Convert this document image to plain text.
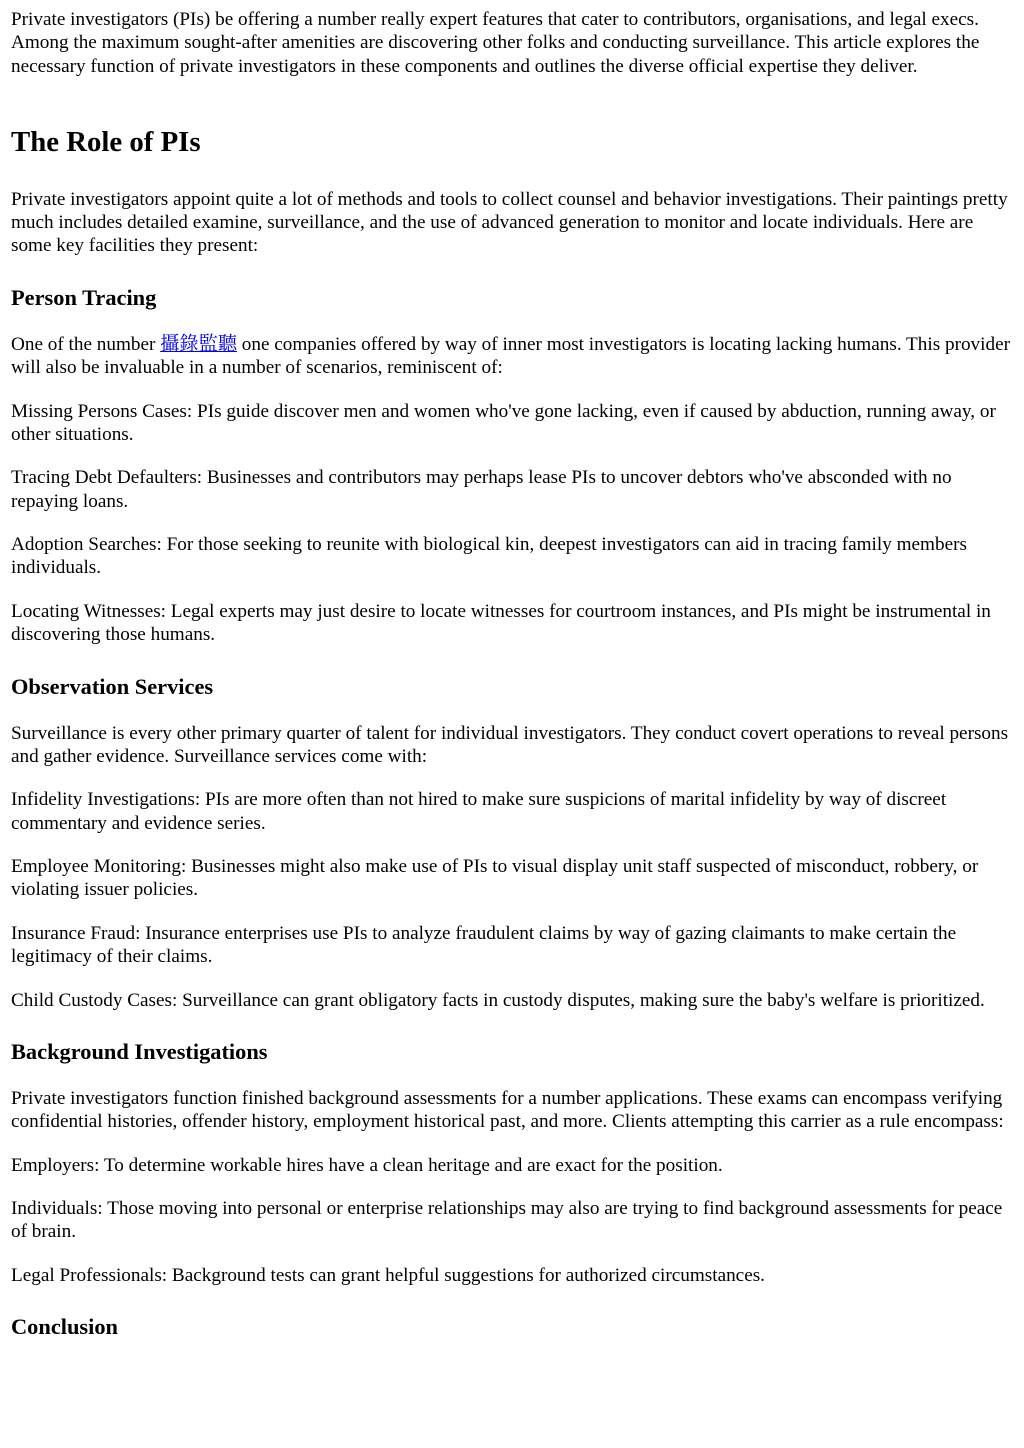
Private investigators (PIs) be offering a number really expert features that cater to contributors, organisations, and legal execs. Among the maximum sought-after amenities are discovering other folks and conducting surveillance. This article explores the necessary function of private investigators in these components and outlines the diverse official expertise they deliver.

The Role of PIs

Private investigators appoint quite a lot of methods and tools to collect counsel and behavior investigations. Their paintings pretty much includes detailed examine, surveillance, and the use of advanced generation to monitor and locate individuals. Here are some key facilities they present:

Person Tracing

One of the number 攝錄監聽 one companies offered by way of inner most investigators is locating lacking humans. This provider will also be invaluable in a number of scenarios, reminiscent of:

Missing Persons Cases: PIs guide discover men and women who've gone lacking, even if caused by abduction, running away, or other situations.

Tracing Debt Defaulters: Businesses and contributors may perhaps lease PIs to uncover debtors who've absconded with no repaying loans.

Adoption Searches: For those seeking to reunite with biological kin, deepest investigators can aid in tracing family members individuals.

Locating Witnesses: Legal experts may just desire to locate witnesses for courtroom instances, and PIs might be instrumental in discovering those humans.

Observation Services

Surveillance is every other primary quarter of talent for individual investigators. They conduct covert operations to reveal persons and gather evidence. Surveillance services come with:

Infidelity Investigations: PIs are more often than not hired to make sure suspicions of marital infidelity by way of discreet commentary and evidence series.

Employee Monitoring: Businesses might also make use of PIs to visual display unit staff suspected of misconduct, robbery, or violating issuer policies.

Insurance Fraud: Insurance enterprises use PIs to analyze fraudulent claims by way of gazing claimants to make certain the legitimacy of their claims.

Child Custody Cases: Surveillance can grant obligatory facts in custody disputes, making sure the baby's welfare is prioritized.

Background Investigations

Private investigators function finished background assessments for a number applications. These exams can encompass verifying confidential histories, offender history, employment historical past, and more. Clients attempting this carrier as a rule encompass:

Employers: To determine workable hires have a clean heritage and are exact for the position.

Individuals: Those moving into personal or enterprise relationships may also are trying to find background assessments for peace of brain.

Legal Professionals: Background tests can grant helpful suggestions for authorized circumstances.

Conclusion
